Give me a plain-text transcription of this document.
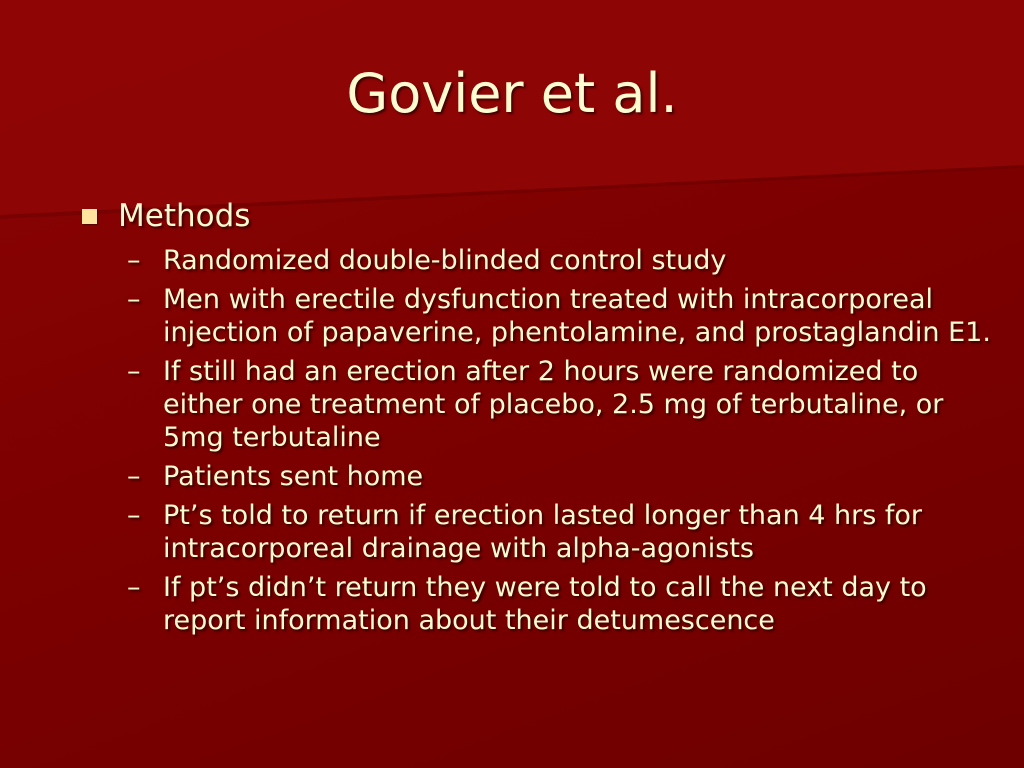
Govier et al.
Methods
– Randomized double-blinded control study
– Men with erectile dysfunction treated with intracorporeal injection of papaverine, phentolamine, and prostaglandin E1.
– If still had an erection after 2 hours were randomized to either one treatment of placebo, 2.5 mg of terbutaline, or 5mg terbutaline
– Patients sent home
– Pt’s told to return if erection lasted longer than 4 hrs for intracorporeal drainage with alpha-agonists
– If pt’s didn’t return they were told to call the next day to report information about their detumescence
